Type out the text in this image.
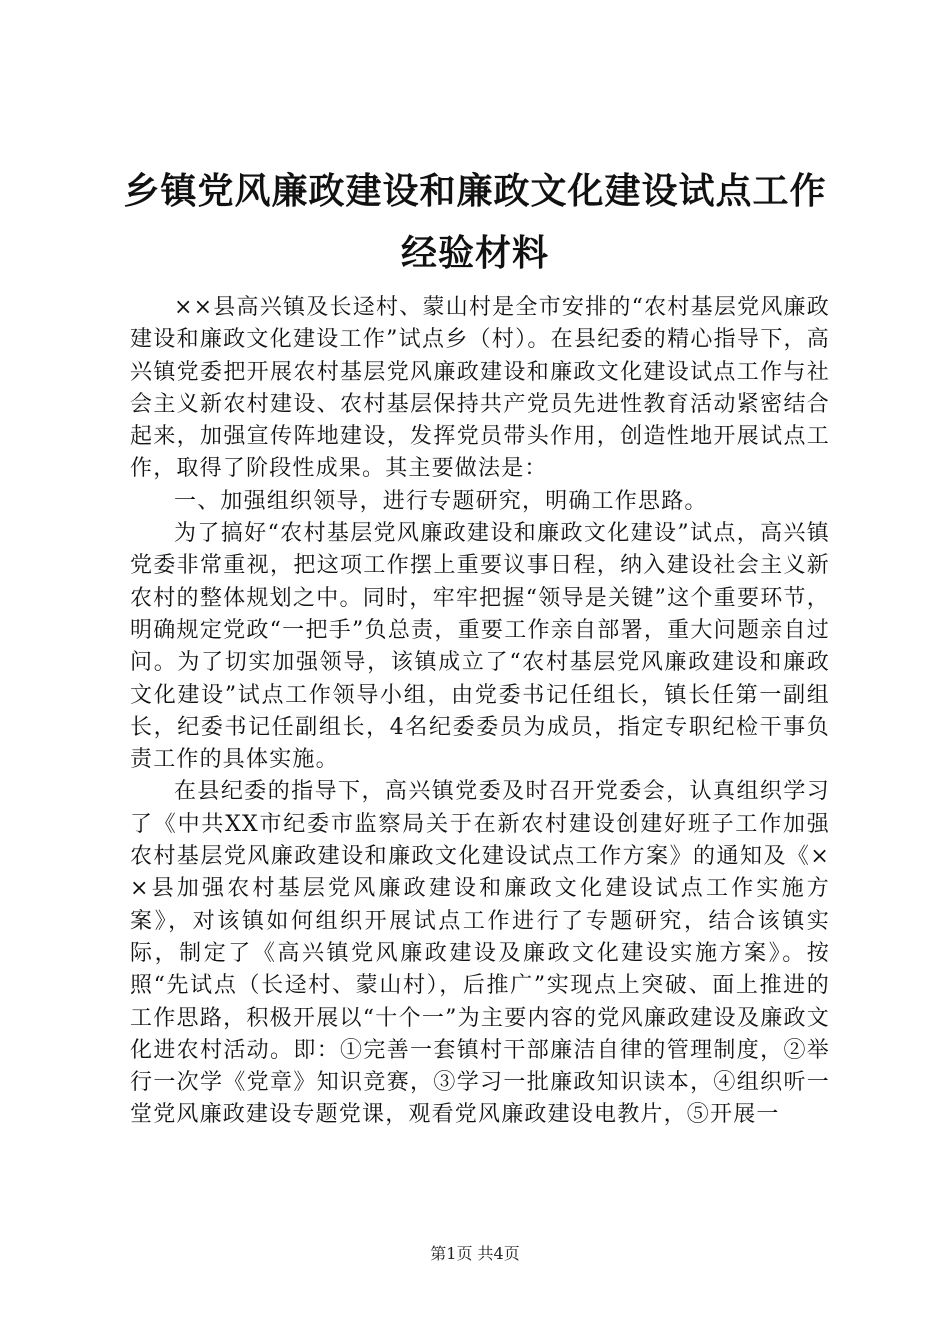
乡镇党风廉政建设和廉政文化建设试点工作经验材料

××县高兴镇及长迳村、蒙山村是全市安排的“农村基层党风廉政建设和廉政文化建设工作”试点乡（村）。在县纪委的精心指导下，高兴镇党委把开展农村基层党风廉政建设和廉政文化建设试点工作与社会主义新农村建设、农村基层保持共产党员先进性教育活动紧密结合起来，加强宣传阵地建设，发挥党员带头作用，创造性地开展试点工作，取得了阶段性成果。其主要做法是：

一、加强组织领导，进行专题研究，明确工作思路。

为了搞好“农村基层党风廉政建设和廉政文化建设”试点，高兴镇党委非常重视，把这项工作摆上重要议事日程，纳入建设社会主义新农村的整体规划之中。同时，牢牢把握“领导是关键”这个重要环节，明确规定党政“一把手”负总责，重要工作亲自部署，重大问题亲自过问。为了切实加强领导，该镇成立了“农村基层党风廉政建设和廉政文化建设”试点工作领导小组，由党委书记任组长，镇长任第一副组长，纪委书记任副组长，4名纪委委员为成员，指定专职纪检干事负责工作的具体实施。

在县纪委的指导下，高兴镇党委及时召开党委会，认真组织学习了《中共XX市纪委市监察局关于在新农村建设创建好班子工作加强农村基层党风廉政建设和廉政文化建设试点工作方案》的通知及《××县加强农村基层党风廉政建设和廉政文化建设试点工作实施方案》，对该镇如何组织开展试点工作进行了专题研究，结合该镇实际，制定了《高兴镇党风廉政建设及廉政文化建设实施方案》。按照“先试点（长迳村、蒙山村），后推广”实现点上突破、面上推进的工作思路，积极开展以“十个一”为主要内容的党风廉政建设及廉政文化进农村活动。即：①完善一套镇村干部廉洁自律的管理制度，②举行一次学《党章》知识竞赛，③学习一批廉政知识读本，④组织听一堂党风廉政建设专题党课，观看党风廉政建设电教片，⑤开展一

第1页 共4页
